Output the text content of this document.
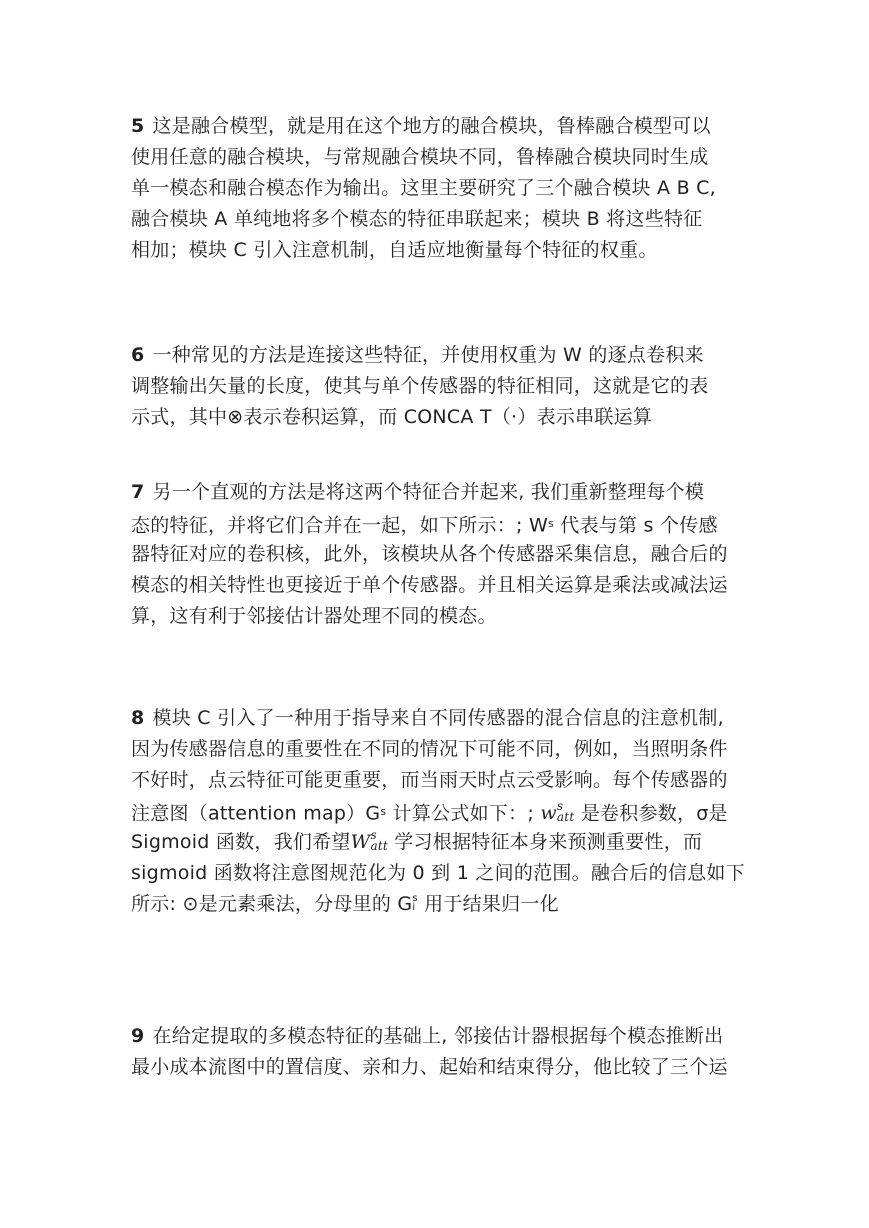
5 这是融合模型，就是用在这个地方的融合模块，鲁棒融合模型可以
使用任意的融合模块，与常规融合模块不同，鲁棒融合模块同时生成
单一模态和融合模态作为输出。这里主要研究了三个融合模块 A B C,
融合模块 A 单纯地将多个模态的特征串联起来；模块 B 将这些特征
相加；模块 C 引入注意机制，自适应地衡量每个特征的权重。
6 一种常见的方法是连接这些特征，并使用权重为 W 的逐点卷积来
调整输出矢量的长度，使其与单个传感器的特征相同，这就是它的表
示式，其中⊗表示卷积运算，而 CONCA T（·）表示串联运算
7 另一个直观的方法是将这两个特征合并起来, 我们重新整理每个模
态的特征，并将它们合并在一起，如下所示：; $W^s$ 代表与第 s 个传感
器特征对应的卷积核，此外，该模块从各个传感器采集信息，融合后的
模态的相关特性也更接近于单个传感器。并且相关运算是乘法或减法运
算，这有利于邻接估计器处理不同的模态。
8 模块 C 引入了一种用于指导来自不同传感器的混合信息的注意机制,
因为传感器信息的重要性在不同的情况下可能不同，例如，当照明条件
不好时，点云特征可能更重要，而当雨天时点云受影响。每个传感器的
注意图（attention $map)G^s$ 计算公式如下：; w s
att 是卷积参数，σ是
Sigmoid 函数，我们希望W s
att 学习根据特征本身来预测重要性，而
sigmoid 函数将注意图规范化为 0 到 1 之间的范围。融合后的信息如下
所示: ⊙是元素乘法，分母里的 G s
i 用于结果归一化
9 在给定提取的多模态特征的基础上, 邻接估计器根据每个模态推断出
最小成本流图中的置信度、亲和力、起始和结束得分，他比较了三个运
